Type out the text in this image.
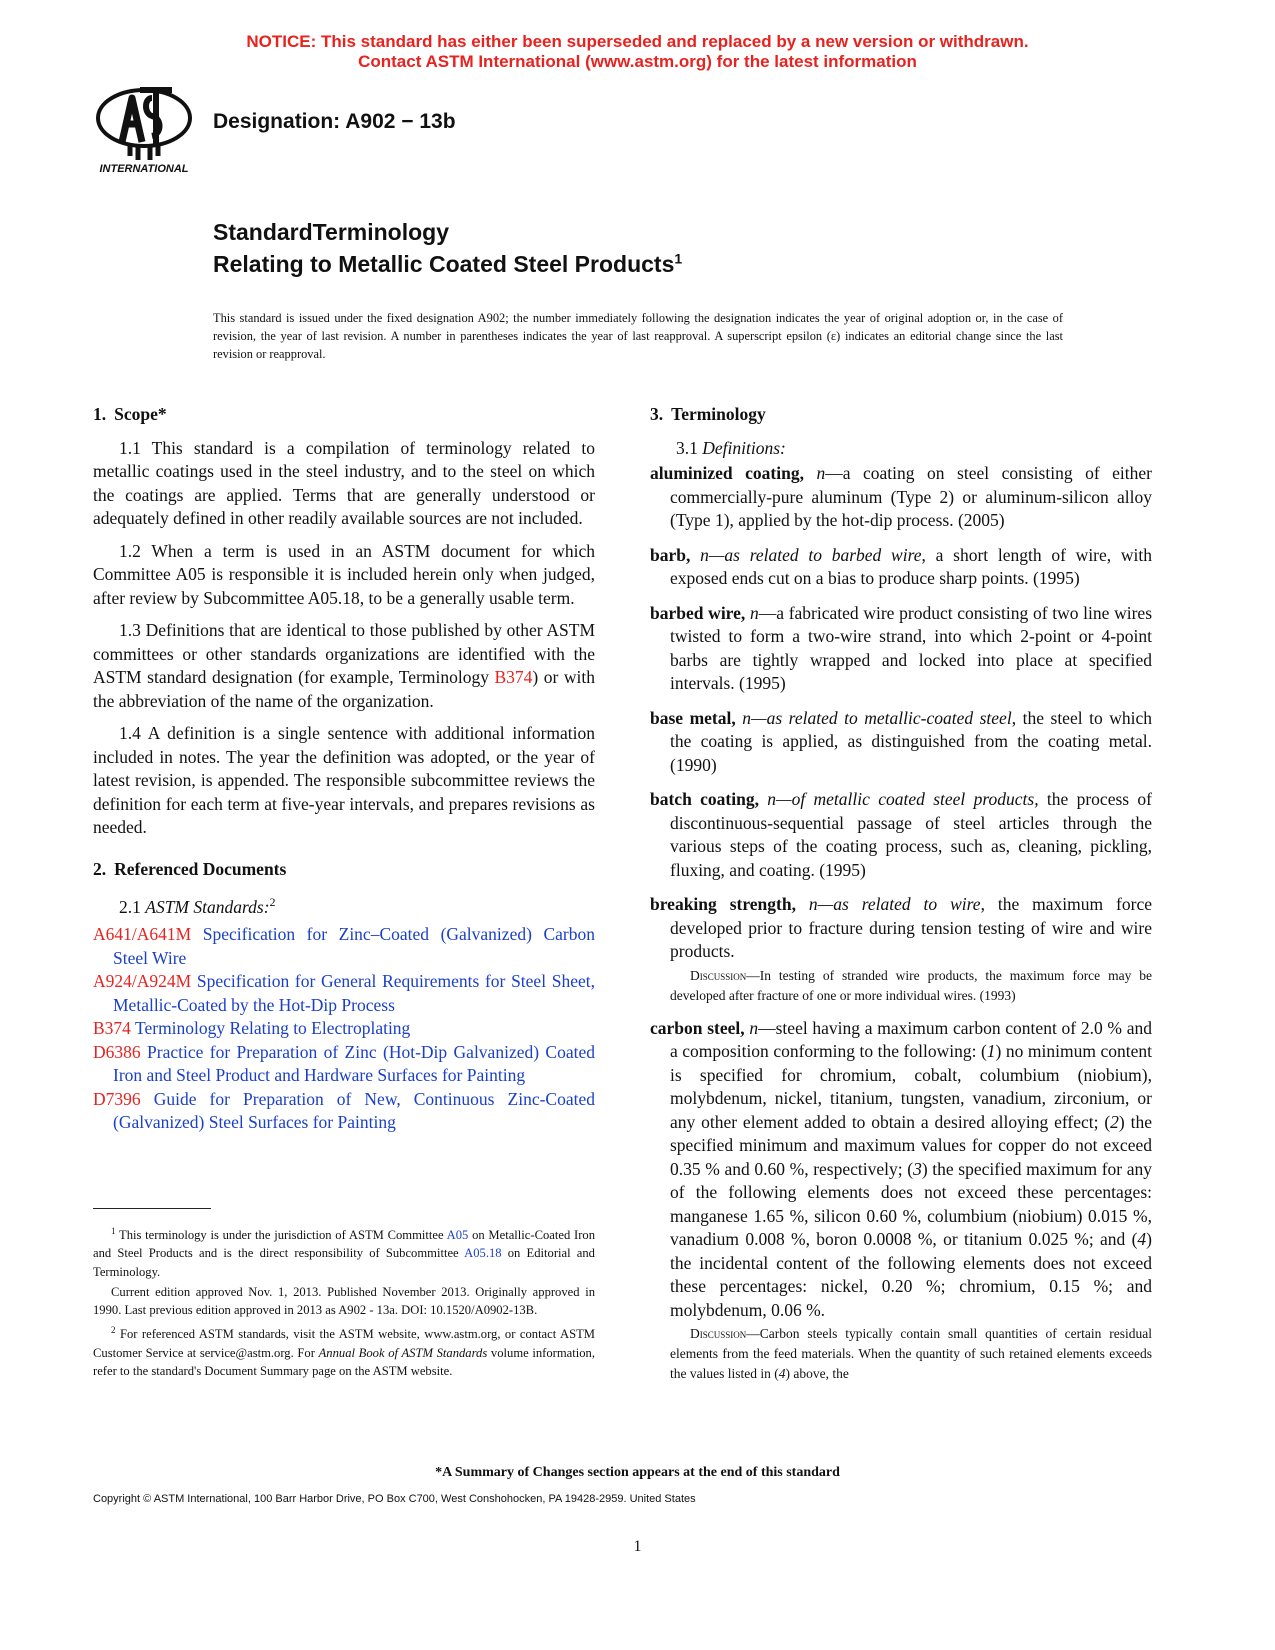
NOTICE: This standard has either been superseded and replaced by a new version or withdrawn.
Contact ASTM International (www.astm.org) for the latest information
INTERNATIONAL
Designation: A902 − 13b
StandardTerminology
Relating to Metallic Coated Steel Products$^1$
This standard is issued under the fixed designation A902; the number immediately following the designation indicates the year of original adoption or, in the case of revision, the year of last revision. A number in parentheses indicates the year of last reapproval. A superscript epsilon (ε) indicates an editorial change since the last revision or reapproval.
1. Scope*

1.1 This standard is a compilation of terminology related to metallic coatings used in the steel industry, and to the steel on which the coatings are applied. Terms that are generally understood or adequately defined in other readily available sources are not included.

1.2 When a term is used in an ASTM document for which Committee A05 is responsible it is included herein only when judged, after review by Subcommittee A05.18, to be a generally usable term.

1.3 Definitions that are identical to those published by other ASTM committees or other standards organizations are identified with the ASTM standard designation (for example, Terminology B374) or with the abbreviation of the name of the organization.

1.4 A definition is a single sentence with additional information included in notes. The year the definition was adopted, or the year of latest revision, is appended. The responsible subcommittee reviews the definition for each term at five-year intervals, and prepares revisions as needed.

2. Referenced Documents

2.1 ASTM Standards:$^2$

A641/A641M Specification for Zinc–Coated (Galvanized) Carbon Steel Wire
A924/A924M Specification for General Requirements for Steel Sheet, Metallic-Coated by the Hot-Dip Process
B374 Terminology Relating to Electroplating
D6386 Practice for Preparation of Zinc (Hot-Dip Galvanized) Coated Iron and Steel Product and Hardware Surfaces for Painting
D7396 Guide for Preparation of New, Continuous Zinc-Coated (Galvanized) Steel Surfaces for Painting

$^1$ This terminology is under the jurisdiction of ASTM Committee A05 on Metallic-Coated Iron and Steel Products and is the direct responsibility of Subcommittee A05.18 on Editorial and Terminology.

Current edition approved Nov. 1, 2013. Published November 2013. Originally approved in 1990. Last previous edition approved in 2013 as A902 - 13a. DOI: 10.1520/A0902-13B.

$^2$ For referenced ASTM standards, visit the ASTM website, www.astm.org, or contact ASTM Customer Service at service@astm.org. For Annual Book of ASTM Standards volume information, refer to the standard's Document Summary page on the ASTM website.

3. Terminology

3.1 Definitions:

aluminized coating, n—a coating on steel consisting of either commercially-pure aluminum (Type 2) or aluminum-silicon alloy (Type 1), applied by the hot-dip process. (2005)
barb, n—as related to barbed wire, a short length of wire, with exposed ends cut on a bias to produce sharp points. (1995)
barbed wire, n—a fabricated wire product consisting of two line wires twisted to form a two-wire strand, into which 2-point or 4-point barbs are tightly wrapped and locked into place at specified intervals. (1995)
base metal, n—as related to metallic-coated steel, the steel to which the coating is applied, as distinguished from the coating metal. (1990)
batch coating, n—of metallic coated steel products, the process of discontinuous-sequential passage of steel articles through the various steps of the coating process, such as, cleaning, pickling, fluxing, and coating. (1995)
breaking strength, n—as related to wire, the maximum force developed prior to fracture during tension testing of wire and wire products.
Discussion—In testing of stranded wire products, the maximum force may be developed after fracture of one or more individual wires. (1993)
carbon steel, n—steel having a maximum carbon content of 2.0 % and a composition conforming to the following: (1) no minimum content is specified for chromium, cobalt, columbium (niobium), molybdenum, nickel, titanium, tungsten, vanadium, zirconium, or any other element added to obtain a desired alloying effect; (2) the specified minimum and maximum values for copper do not exceed 0.35 % and 0.60 %, respectively; (3) the specified maximum for any of the following elements does not exceed these percentages: manganese 1.65 %, silicon 0.60 %, columbium (niobium) 0.015 %, vanadium 0.008 %, boron 0.0008 %, or titanium 0.025 %; and (4) the incidental content of the following elements does not exceed these percentages: nickel, 0.20 %; chromium, 0.15 %; and molybdenum, 0.06 %.
Discussion—Carbon steels typically contain small quantities of certain residual elements from the feed materials. When the quantity of such retained elements exceeds the values listed in (4) above, the
*A Summary of Changes section appears at the end of this standard
Copyright © ASTM International, 100 Barr Harbor Drive, PO Box C700, West Conshohocken, PA 19428-2959. United States
1
